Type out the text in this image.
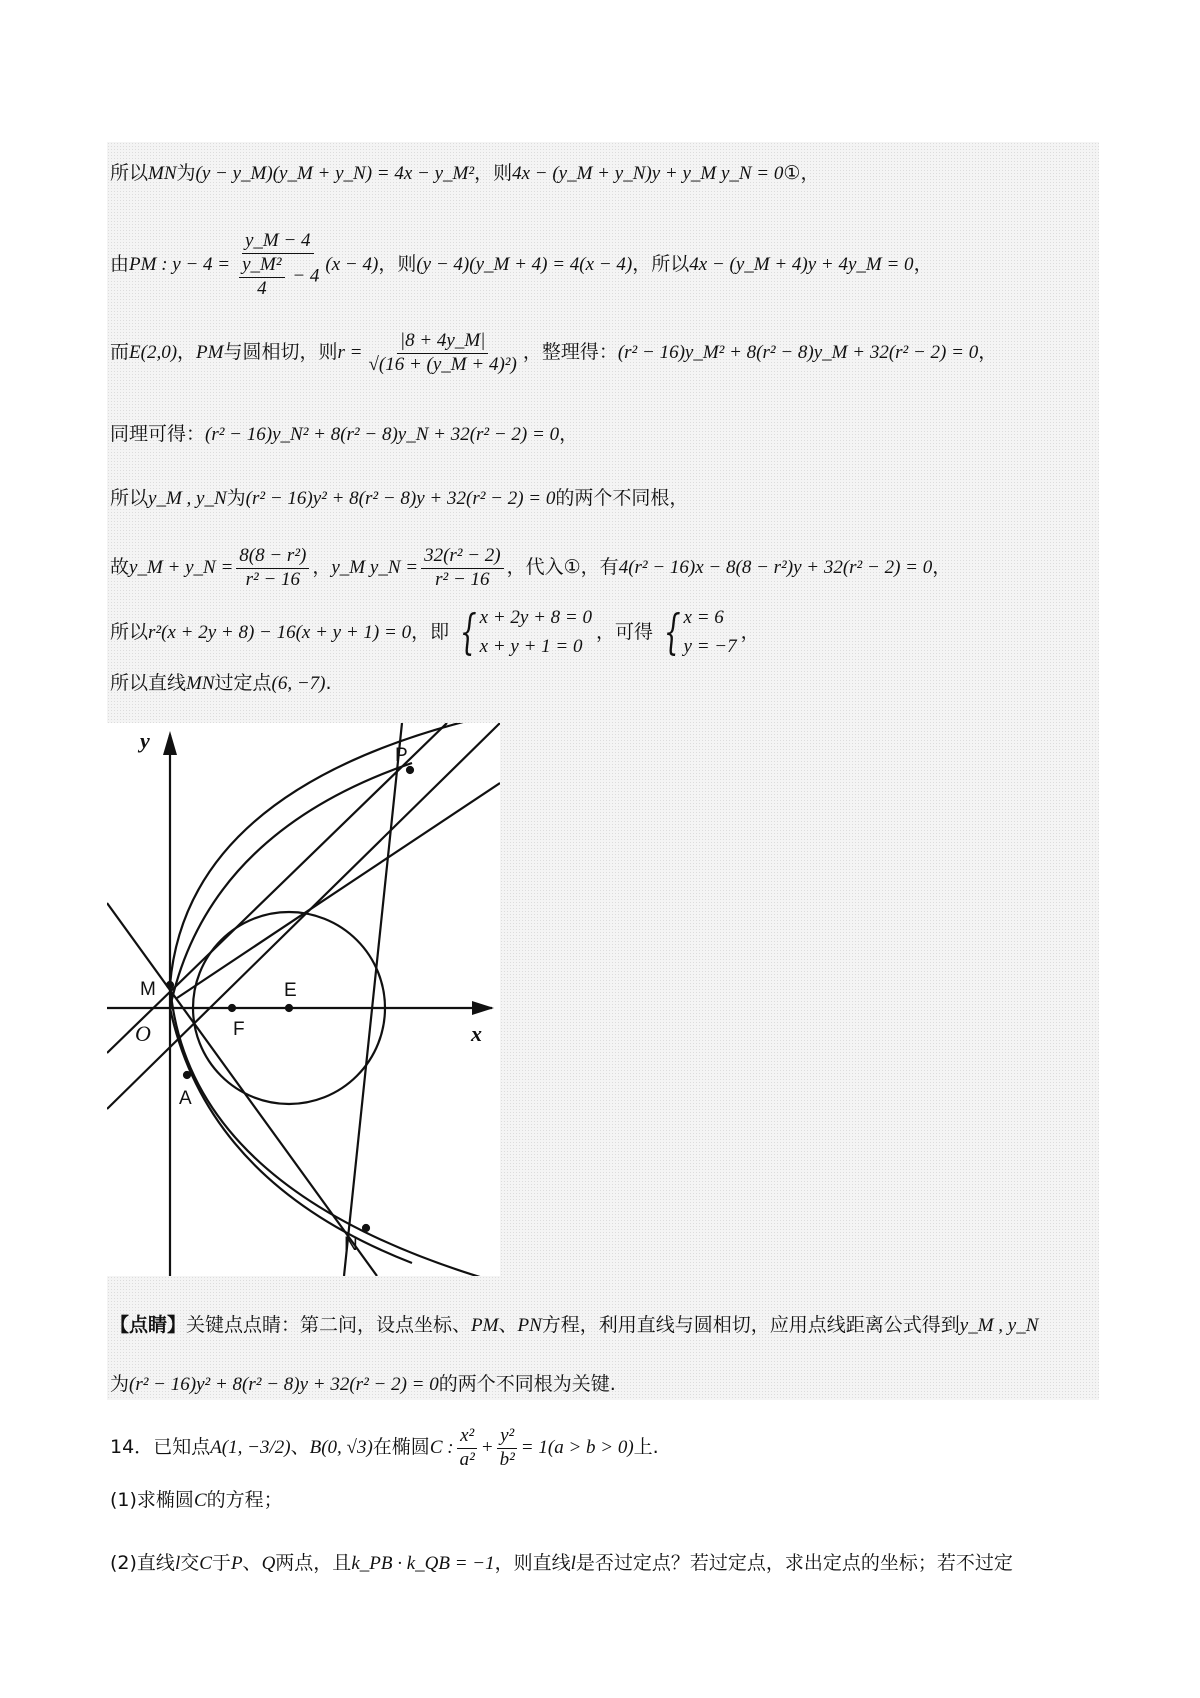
所以 MN 为 (y − y_M)(y_M + y_N) = 4x − y_M² ，则 4x − (y_M + y_N)y + y_M y_N = 0 ① ，
由 PM : $y - 4 = \frac{y\_M - 4}{\frac{\text{y\_M²}}{4} - 4} (x - 4)$ ，则 (y − 4)(y_M + 4) = 4(x − 4) ，所以 4x − (y_M + 4)y + 4y_M = 0 ，
而 E(2,0) ， PM 与圆相切，则 $r = \frac{|8 + 4y\_M|}{\text{√(16 + (y\_M + 4)²)}}$ ，整理得： (r² − 16)y_M² + 8(r² − 8)y_M + 32(r² − 2) = 0 ，
同理可得： (r² − 16)y_N² + 8(r² − 8)y_N + 32(r² − 2) = 0 ，
所以 y_M , y_N 为 (r² − 16)y² + 8(r² − 8)y + 32(r² − 2) = 0 的两个不同根，
故 y_M + y_N = $\frac{\text{8(8 − r²)}}{\text{r² − 16}}$ ， y_M y_N = $\frac{\text{32(r² − 2)}}{\text{r² − 16}}$ ，代入①，有 4(r² − 16)x − 8(8 − r²)y + 32(r² − 2) = 0 ，
所以 r²(x + 2y + 8) − 16(x + y + 1) = 0 ，即 { x + 2y + 8 = 0
x + y + 1 = 0
，可得 { x = 6
y = −7
，
所以直线 MN 过定点 (6, −7) .
y
x
O
P
M	E
F
A
N
【点睛】 关键点点睛：第二问，设点坐标、 PM 、 PN 方程，利用直线与圆相切，应用点线距离公式得到 y_M , y_N
为 (r² − 16)y² + 8(r² − 8)y + 32(r² − 2) = 0 的两个不同根为关键.
14． 已知点 A(1, −3/2) 、 B(0, √3) 在椭圆 C : $\frac{\text{x²}}{\text{a²}} + \frac{\text{y²}}{\text{b²}} = 1(a > b > 0)$ 上.
(1) 求椭圆 C 的方程；
(2) 直线 l 交 C 于 P 、 Q 两点，且 k_PB · k_QB = −1 ，则直线 l 是否过定点？若过定点，求出定点的坐标；若不过定
